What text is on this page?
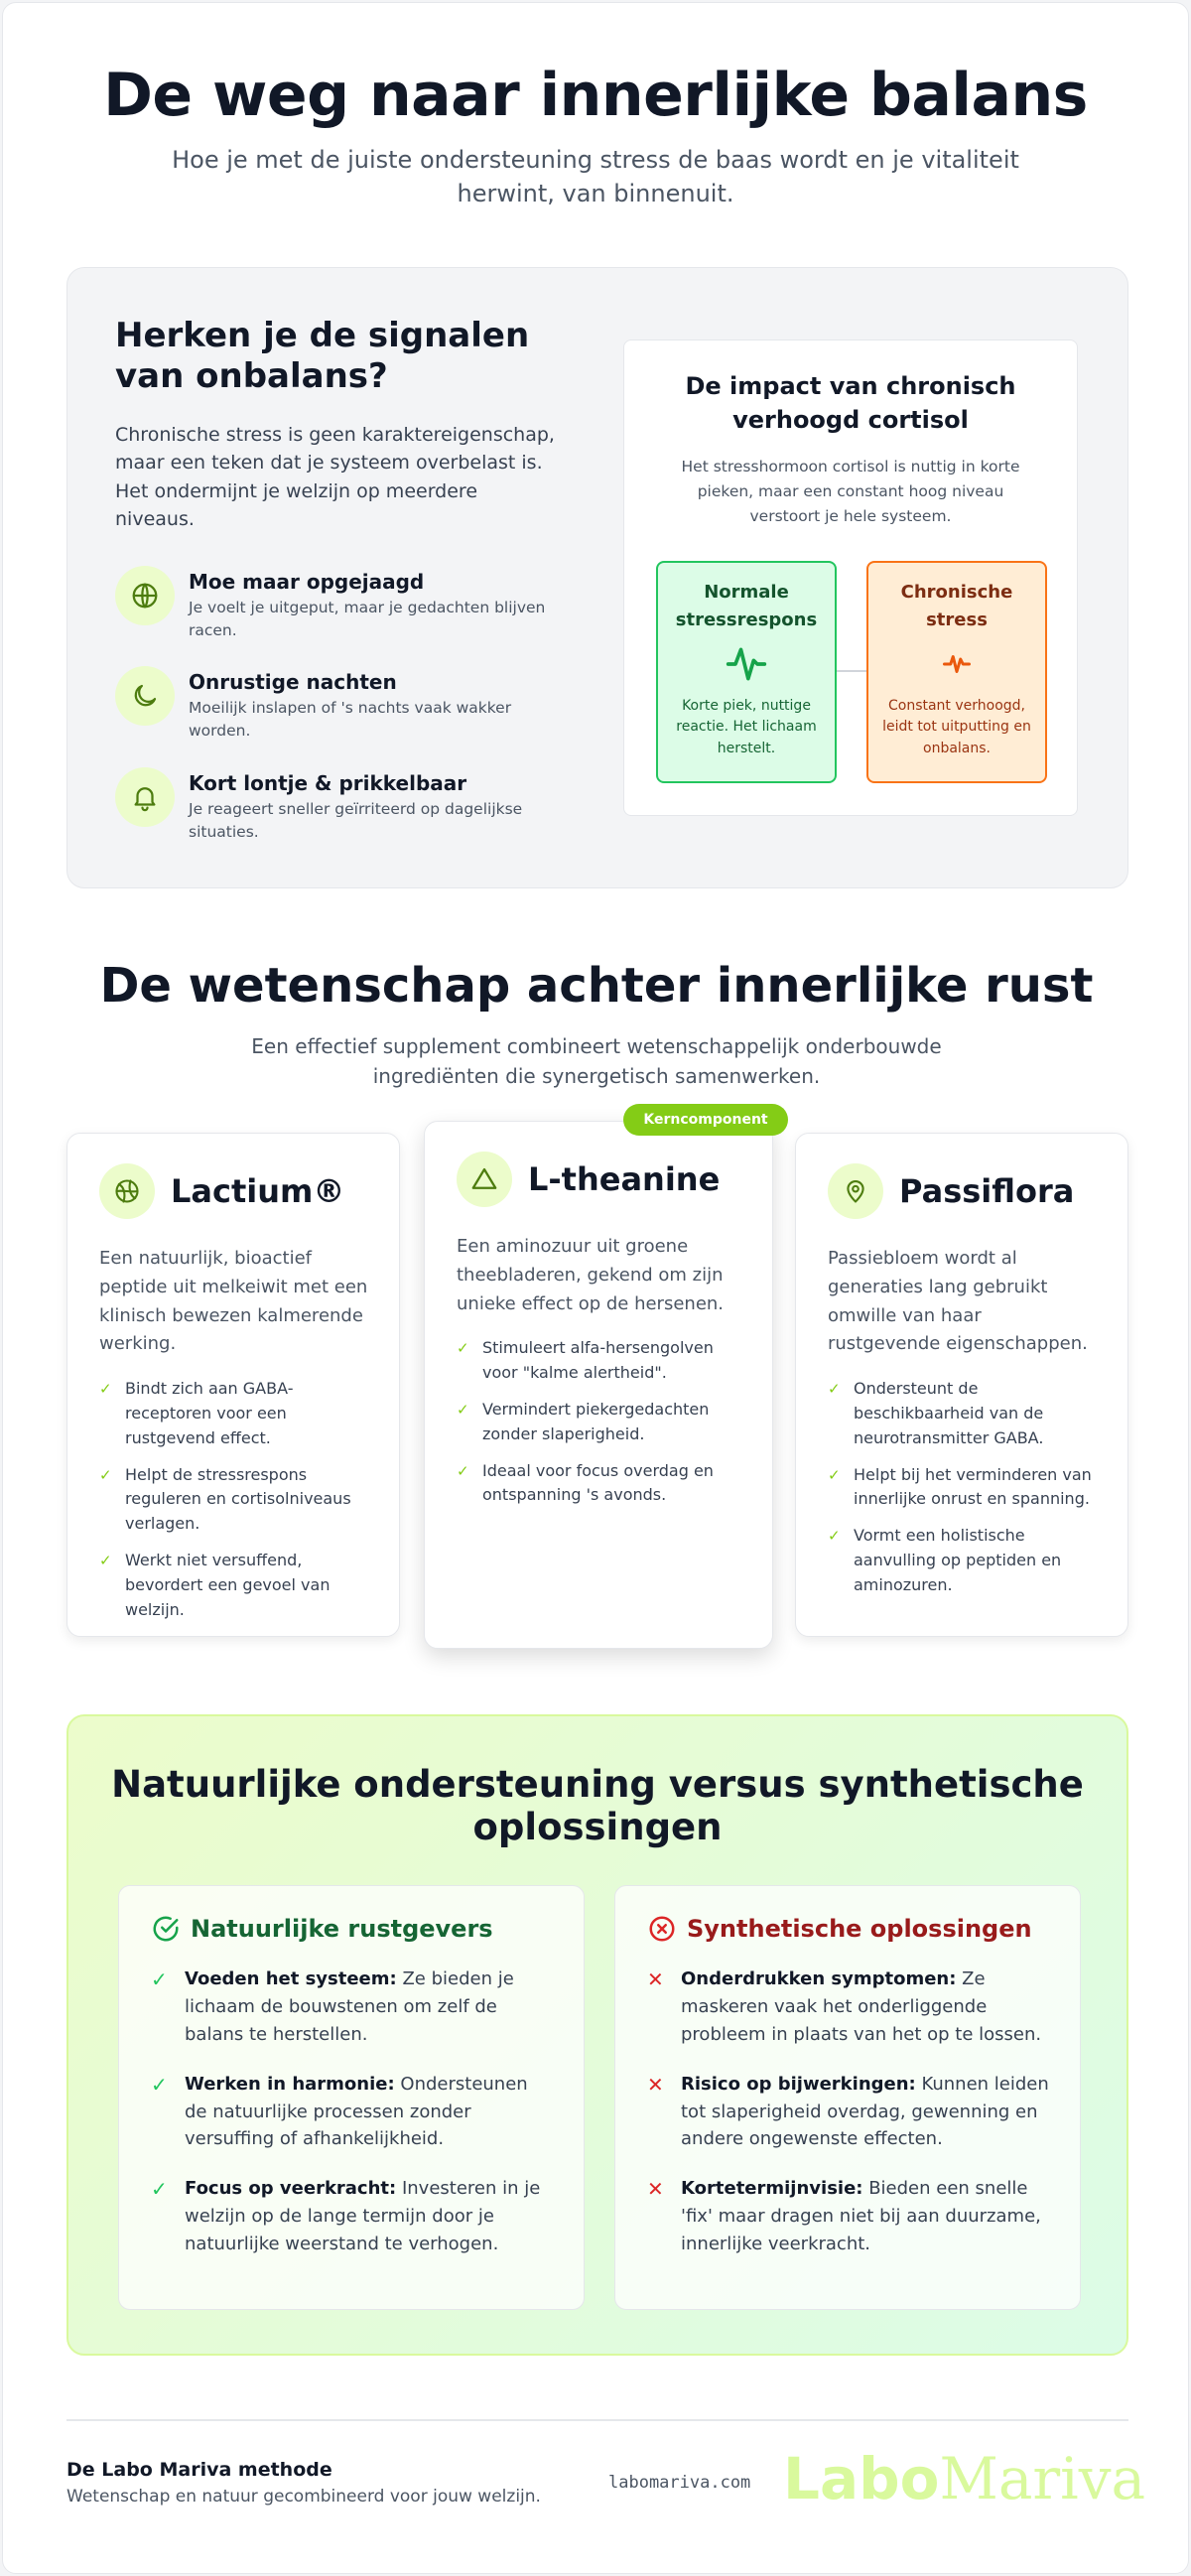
De weg naar innerlijke balans

Hoe je met de juiste ondersteuning stress de baas wordt en je vitaliteit herwint, van binnenuit.

Herken je de signalen van onbalans?

Chronische stress is geen karaktereigenschap, maar een teken dat je systeem overbelast is. Het ondermijnt je welzijn op meerdere niveaus.

Moe maar opgejaagd
Je voelt je uitgeput, maar je gedachten blijven racen.
Onrustige nachten
Moeilijk inslapen of 's nachts vaak wakker worden.
Kort lontje & prikkelbaar
Je reageert sneller geïrriteerd op dagelijkse situaties.
De impact van chronisch verhoogd cortisol

Het stresshormoon cortisol is nuttig in korte pieken, maar een constant hoog niveau verstoort je hele systeem.

Normale stressrespons
Korte piek, nuttige reactie. Het lichaam herstelt.
Chronische stress
Constant verhoogd, leidt tot uitputting en onbalans.
De wetenschap achter innerlijke rust

Een effectief supplement combineert wetenschappelijk onderbouwde ingrediënten die synergetisch samenwerken.

Lactium®

Een natuurlijk, bioactief peptide uit melkeiwit met een klinisch bewezen kalmerende werking.

✓ Bindt zich aan GABA-receptoren voor een rustgevend effect.
✓ Helpt de stressrespons reguleren en cortisolniveaus verlagen.
✓ Werkt niet versuffend, bevordert een gevoel van welzijn.
Kerncomponent
L-theanine

Een aminozuur uit groene theebladeren, gekend om zijn unieke effect op de hersenen.

✓ Stimuleert alfa-hersengolven voor "kalme alertheid".
✓ Vermindert piekergedachten zonder slaperigheid.
✓ Ideaal voor focus overdag en ontspanning 's avonds.
Passiflora

Passiebloem wordt al generaties lang gebruikt omwille van haar rustgevende eigenschappen.

✓ Ondersteunt de beschikbaarheid van de neurotransmitter GABA.
✓ Helpt bij het verminderen van innerlijke onrust en spanning.
✓ Vormt een holistische aanvulling op peptiden en aminozuren.
Natuurlijke ondersteuning versus synthetische oplossingen
Natuurlijke rustgevers
✓ Voeden het systeem: Ze bieden je lichaam de bouwstenen om zelf de balans te herstellen.
✓ Werken in harmonie: Ondersteunen de natuurlijke processen zonder versuffing of afhankelijkheid.
✓ Focus op veerkracht: Investeren in je welzijn op de lange termijn door je natuurlijke weerstand te verhogen.
Synthetische oplossingen
✕ Onderdrukken symptomen: Ze maskeren vaak het onderliggende probleem in plaats van het op te lossen.
✕ Risico op bijwerkingen: Kunnen leiden tot slaperigheid overdag, gewenning en andere ongewenste effecten.
✕ Kortetermijnvisie: Bieden een snelle 'fix' maar dragen niet bij aan duurzame, innerlijke veerkracht.
De Labo Mariva methode
Wetenschap en natuur gecombineerd voor jouw welzijn.
labomariva.com LaboMariva
